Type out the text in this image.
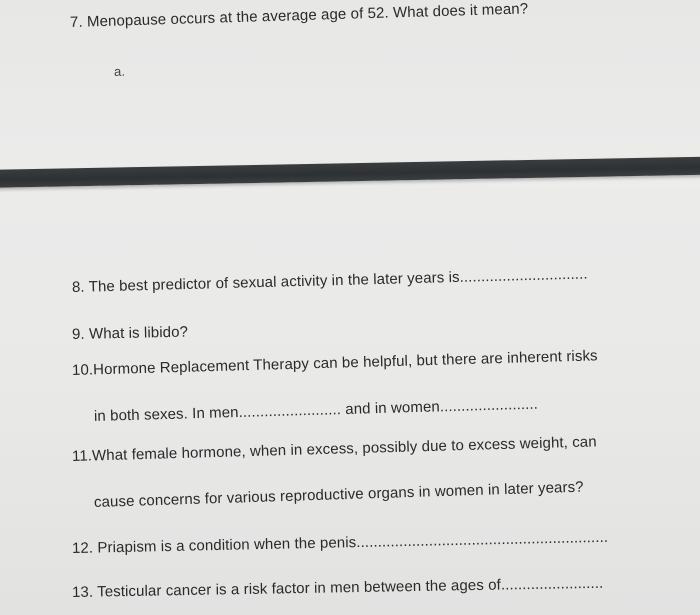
7. Menopause occurs at the average age of 52. What does it mean?
a.
8. The best predictor of sexual activity in the later years is..............................
9. What is libido?
10.Hormone Replacement Therapy can be helpful, but there are inherent risks
in both sexes. In men........................ and in women.......................
11.What female hormone, when in excess, possibly due to excess weight, can
cause concerns for various reproductive organs in women in later years?
12. Priapism is a condition when the penis...........................................................
13. Testicular cancer is a risk factor in men between the ages of........................
